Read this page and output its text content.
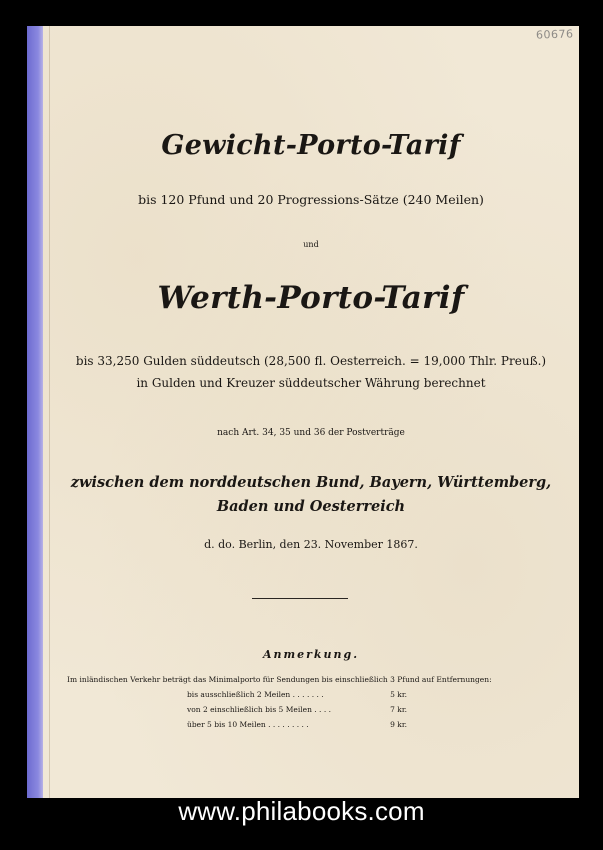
60676
Gewicht-Porto-Tarif
bis 120 Pfund und 20 Progressions-Sätze (240 Meilen)
und
Werth-Porto-Tarif
bis 33,250 Gulden süddeutsch (28,500 fl. Oesterreich. = 19,000 Thlr. Preuß.)
in Gulden und Kreuzer süddeutscher Währung berechnet
nach Art. 34, 35 und 36 der Postverträge
zwischen dem norddeutschen Bund, Bayern, Württemberg,
Baden und Oesterreich
d. do. Berlin, den 23. November 1867.
Anmerkung.
Im inländischen Verkehr beträgt das Minimalporto für Sendungen bis einschließlich 3 Pfund auf Entfernungen:
bis ausschließlich 2 Meilen . . . . . . .	5 kr.
von 2 einschließlich bis 5 Meilen . . . .	7 kr.
über 5 bis 10 Meilen . . . . . . . . .	9 kr.
www.philabooks.com
